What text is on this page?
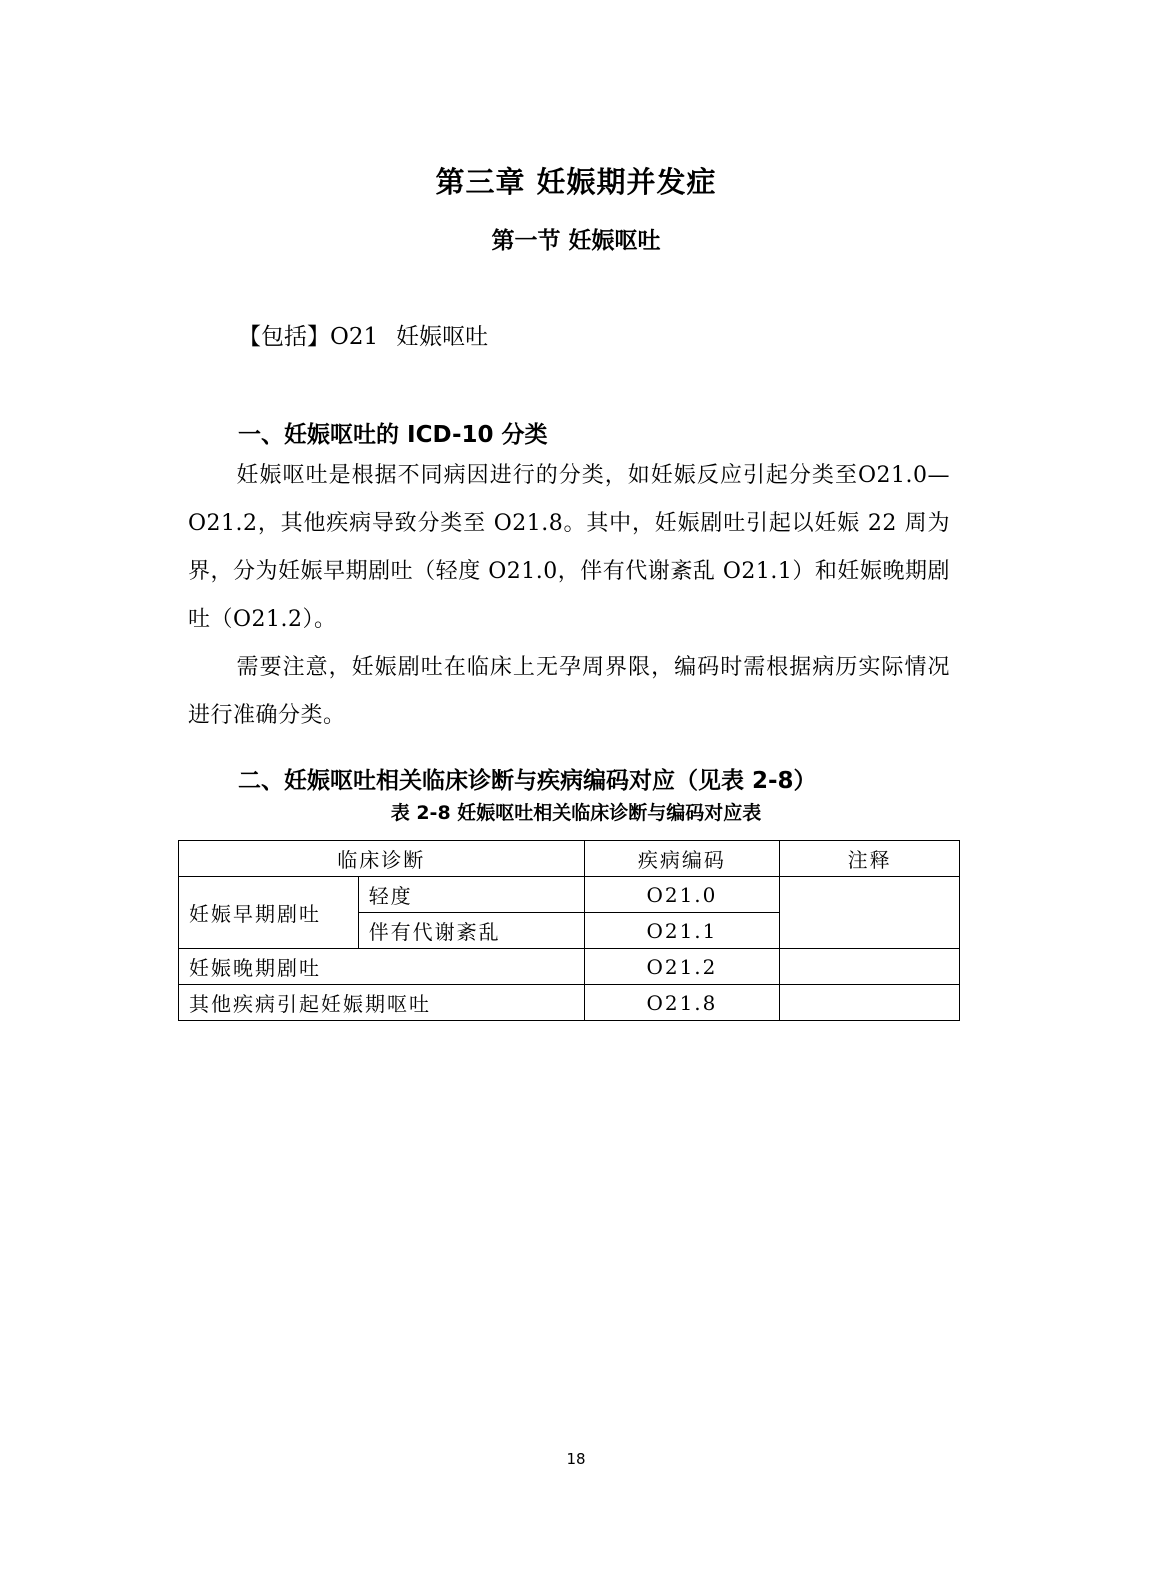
第三章 妊娠期并发症
第一节 妊娠呕吐
【包括】O21 妊娠呕吐
一、妊娠呕吐的 ICD-10 分类
妊娠呕吐是根据不同病因进行的分类，如妊娠反应引起分类至O21.0—O21.2，其他疾病导致分类至 O21.8。其中，妊娠剧吐引起以妊娠 22 周为界，分为妊娠早期剧吐（轻度 O21.0，伴有代谢紊乱 O21.1）和妊娠晚期剧吐（O21.2）。
需要注意，妊娠剧吐在临床上无孕周界限，编码时需根据病历实际情况进行准确分类。
二、妊娠呕吐相关临床诊断与疾病编码对应（见表 2-8）
表 2-8 妊娠呕吐相关临床诊断与编码对应表
临床诊断		疾病编码	注释
妊娠早期剧吐	轻度	O21.0	
	伴有代谢紊乱	O21.1	
妊娠晚期剧吐		O21.2	
其他疾病引起妊娠期呕吐		O21.8	
18
